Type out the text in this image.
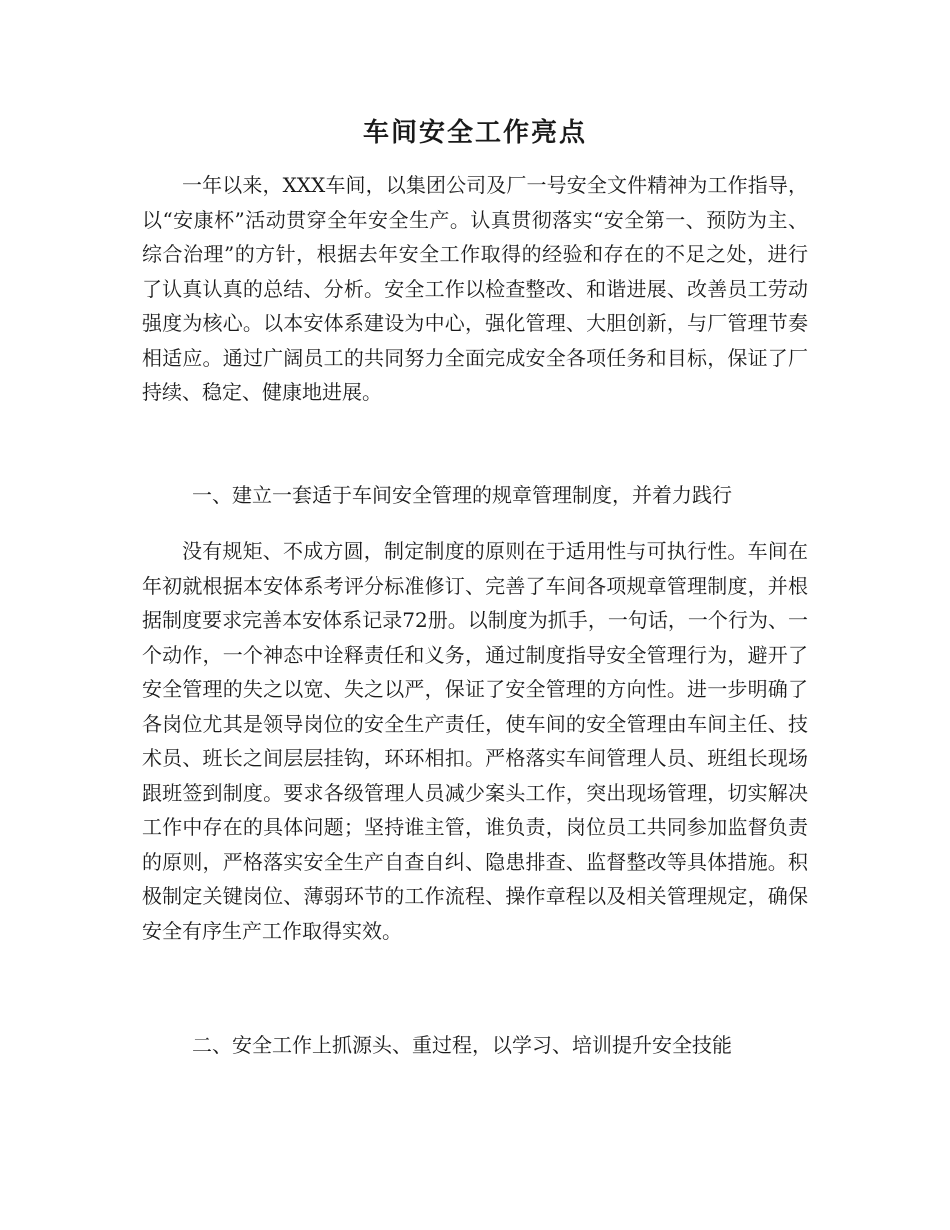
车间安全工作亮点

一年以来，XXX车间，以集团公司及厂一号安全文件精神为工作指导，以“安康杯”活动贯穿全年安全生产。认真贯彻落实“安全第一、预防为主、综合治理”的方针，根据去年安全工作取得的经验和存在的不足之处，进行了认真认真的总结、分析。安全工作以检查整改、和谐进展、改善员工劳动强度为核心。以本安体系建设为中心，强化管理、大胆创新，与厂管理节奏相适应。通过广阔员工的共同努力全面完成安全各项任务和目标，保证了厂持续、稳定、健康地进展。

一、建立一套适于车间安全管理的规章管理制度，并着力践行

没有规矩、不成方圆，制定制度的原则在于适用性与可执行性。车间在年初就根据本安体系考评分标准修订、完善了车间各项规章管理制度，并根据制度要求完善本安体系记录72册。以制度为抓手，一句话，一个行为、一个动作，一个神态中诠释责任和义务，通过制度指导安全管理行为，避开了安全管理的失之以宽、失之以严，保证了安全管理的方向性。进一步明确了各岗位尤其是领导岗位的安全生产责任，使车间的安全管理由车间主任、技术员、班长之间层层挂钩，环环相扣。严格落实车间管理人员、班组长现场跟班签到制度。要求各级管理人员减少案头工作，突出现场管理，切实解决工作中存在的具体问题；坚持谁主管，谁负责，岗位员工共同参加监督负责的原则，严格落实安全生产自查自纠、隐患排查、监督整改等具体措施。积极制定关键岗位、薄弱环节的工作流程、操作章程以及相关管理规定，确保安全有序生产工作取得实效。

二、安全工作上抓源头、重过程，以学习、培训提升安全技能
